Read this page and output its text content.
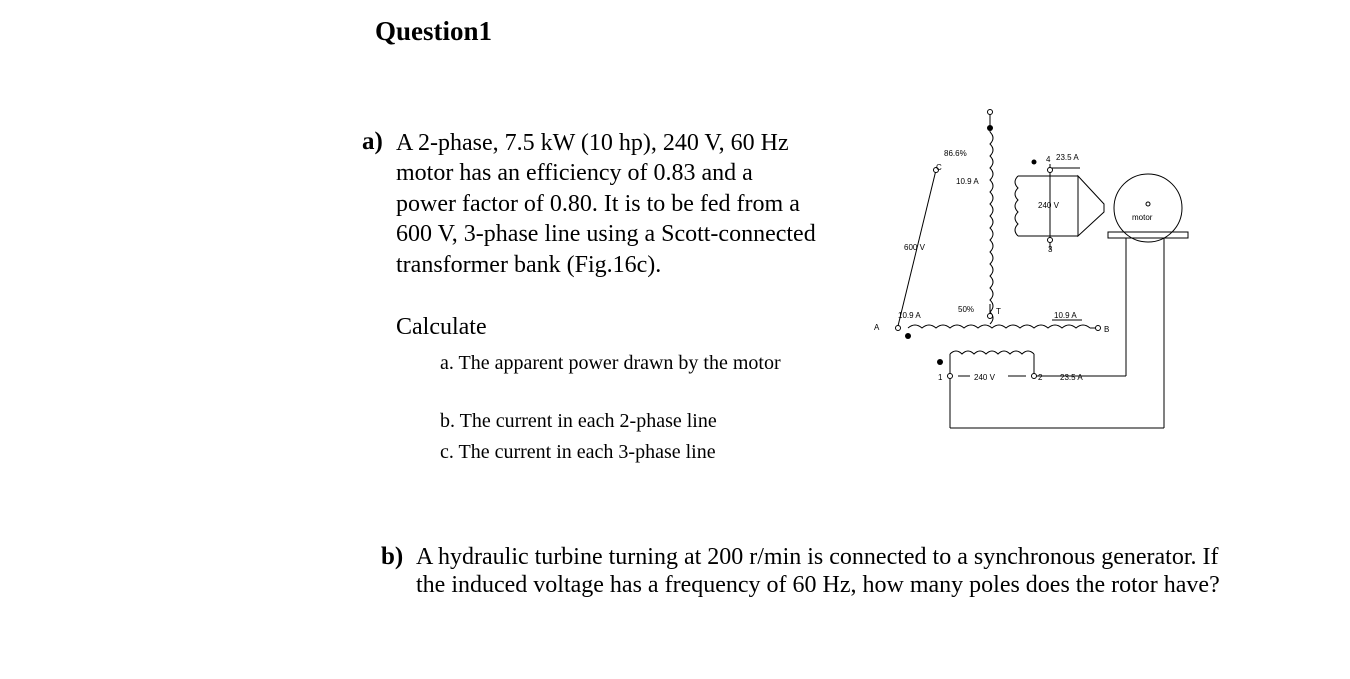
Question1
a) A 2-phase, 7.5 kW (10 hp), 240 V, 60 Hz motor has an efficiency of 0.83 and a power factor of 0.80. It is to be fed from a 600 V, 3-phase line using a Scott-connected transformer bank (Fig.16c).
Calculate
a. The apparent power drawn by the motor
b. The current in each 2-phase line
c. The current in each 3-phase line
86.6%
C
10.9 A
600 V
4 23.5 A
240 V
3
motor
10.9 A
50%	T	10.9 A
A	B
1	240 V	2 23.5 A
b) A hydraulic turbine turning at 200 r/min is connected to a synchronous generator. If the induced voltage has a frequency of 60 Hz, how many poles does the rotor have?
